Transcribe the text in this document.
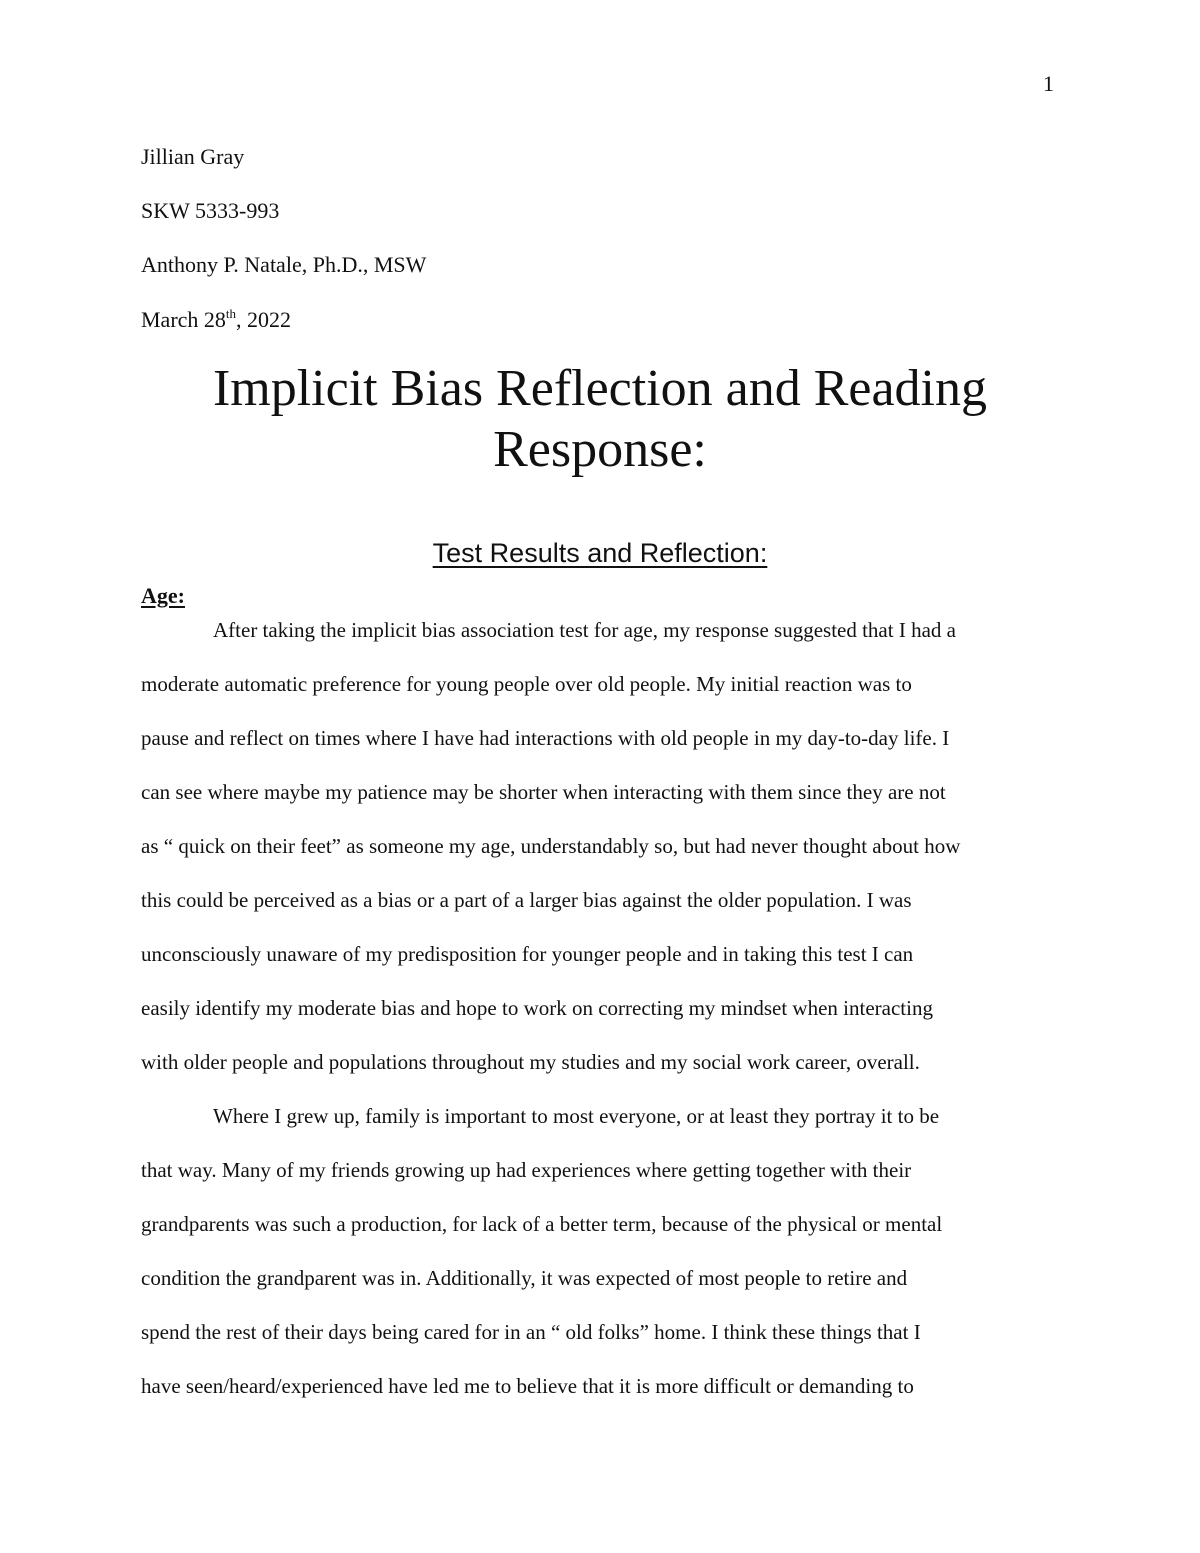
1
Jillian Gray
SKW 5333-993
Anthony P. Natale, Ph.D., MSW
March 28th, 2022
Implicit Bias Reflection and Reading
Response:
Test Results and Reflection:
Age:
After taking the implicit bias association test for age, my response suggested that I had a
moderate automatic preference for young people over old people. My initial reaction was to
pause and reflect on times where I have had interactions with old people in my day-to-day life. I
can see where maybe my patience may be shorter when interacting with them since they are not
as “ quick on their feet” as someone my age, understandably so, but had never thought about how
this could be perceived as a bias or a part of a larger bias against the older population. I was
unconsciously unaware of my predisposition for younger people and in taking this test I can
easily identify my moderate bias and hope to work on correcting my mindset when interacting
with older people and populations throughout my studies and my social work career, overall.
Where I grew up, family is important to most everyone, or at least they portray it to be
that way. Many of my friends growing up had experiences where getting together with their
grandparents was such a production, for lack of a better term, because of the physical or mental
condition the grandparent was in. Additionally, it was expected of most people to retire and
spend the rest of their days being cared for in an “ old folks” home. I think these things that I
have seen/heard/experienced have led me to believe that it is more difficult or demanding to
